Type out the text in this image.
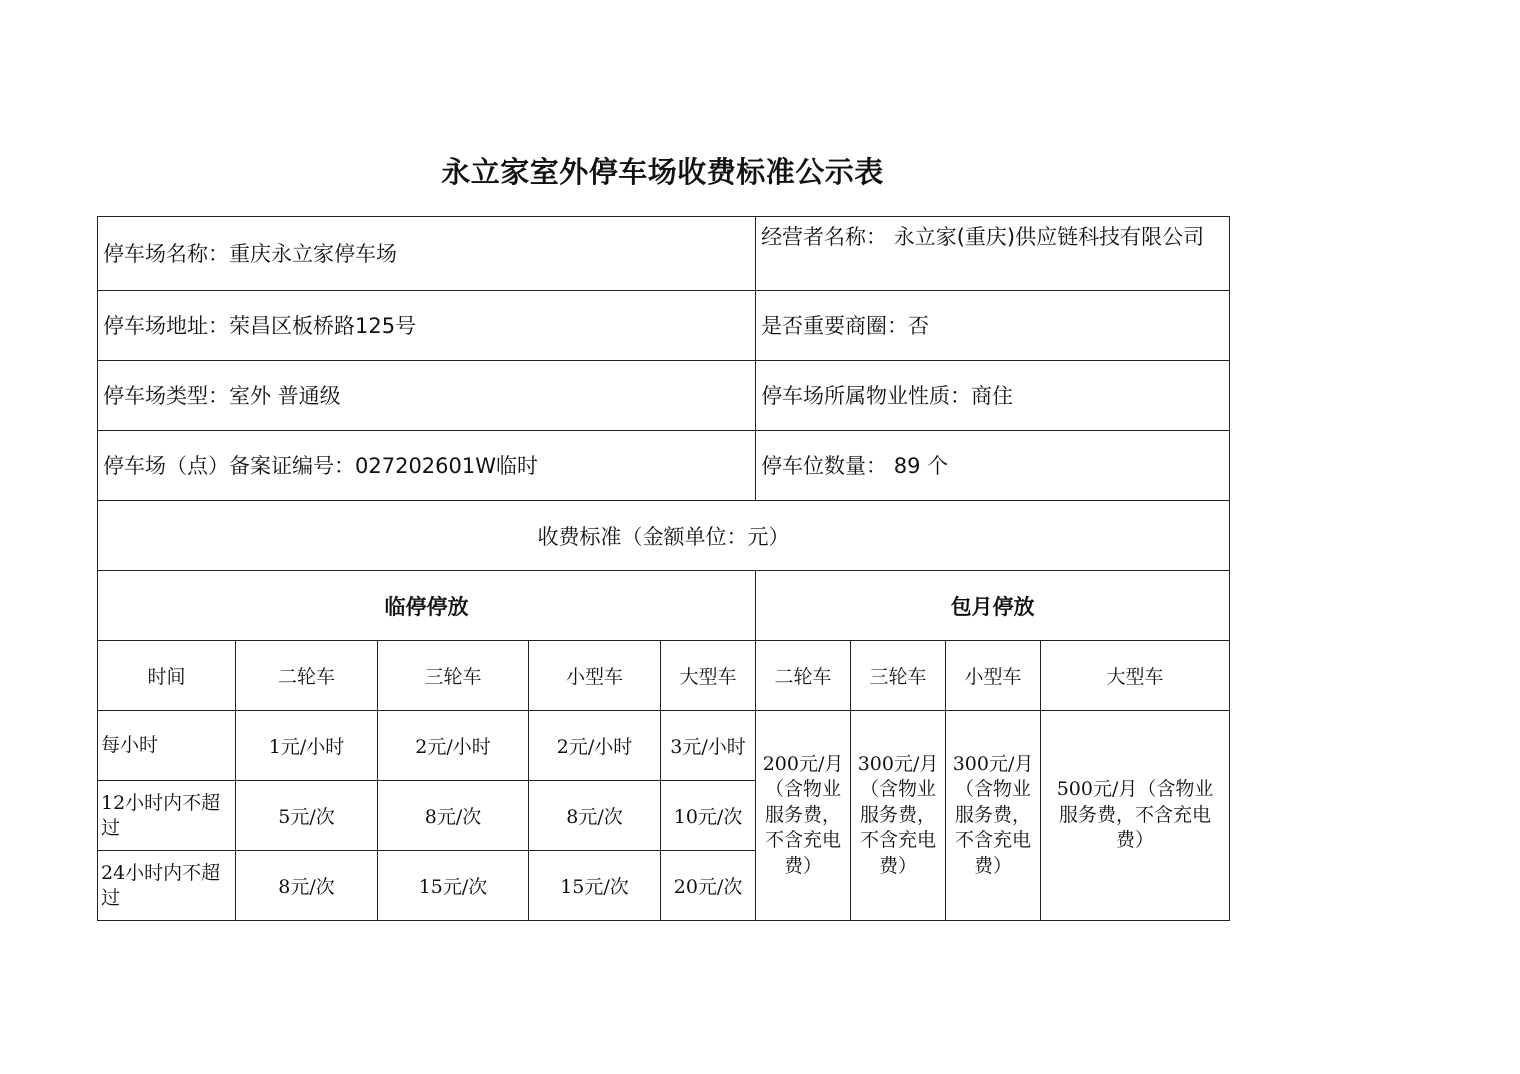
永立家室外停车场收费标准公示表
停车场名称：重庆永立家停车场					经营者名称： 永立家(重庆)供应链科技有限公司			
停车场地址：荣昌区板桥路125号					是否重要商圈：否			
停车场类型：室外 普通级					停车场所属物业性质：商住			
停车场（点）备案证编号：027202601W临时					停车位数量： 89 个			
收费标准（金额单位：元）								
临停停放					包月停放			
时间	二轮车	三轮车	小型车	大型车	二轮车	三轮车	小型车	大型车
每小时	1元/小时	2元/小时	2元/小时	3元/小时	200元/月（含物业服务费，不含充电费）	300元/月（含物业服务费，不含充电费）	300元/月（含物业服务费，不含充电费）	500元/月（含物业服务费，不含充电费）
12小时内不超过	5元/次	8元/次	8元/次	10元/次				
24小时内不超过	8元/次	15元/次	15元/次	20元/次				
